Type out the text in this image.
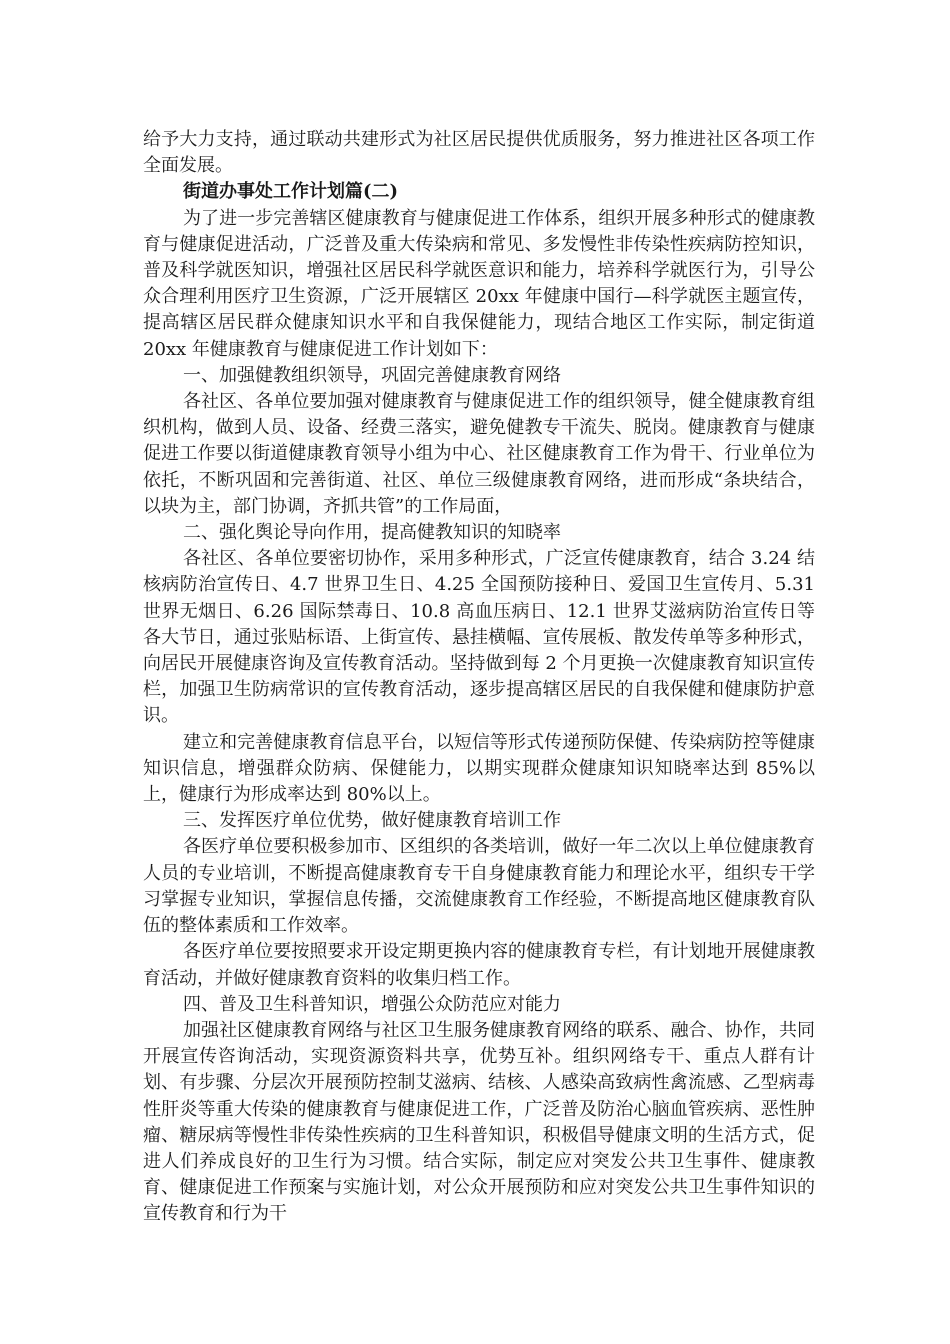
给予大力支持，通过联动共建形式为社区居民提供优质服务，努力推进社区各项工作全面发展。

街道办事处工作计划篇(二)

为了进一步完善辖区健康教育与健康促进工作体系，组织开展多种形式的健康教育与健康促进活动，广泛普及重大传染病和常见、多发慢性非传染性疾病防控知识，普及科学就医知识，增强社区居民科学就医意识和能力，培养科学就医行为，引导公众合理利用医疗卫生资源，广泛开展辖区 20xx 年健康中国行—科学就医主题宣传，提高辖区居民群众健康知识水平和自我保健能力，现结合地区工作实际，制定街道 20xx 年健康教育与健康促进工作计划如下：

一、加强健教组织领导，巩固完善健康教育网络

各社区、各单位要加强对健康教育与健康促进工作的组织领导，健全健康教育组织机构，做到人员、设备、经费三落实，避免健教专干流失、脱岗。健康教育与健康促进工作要以街道健康教育领导小组为中心、社区健康教育工作为骨干、行业单位为依托，不断巩固和完善街道、社区、单位三级健康教育网络，进而形成“条块结合，以块为主，部门协调，齐抓共管”的工作局面，

二、强化舆论导向作用，提高健教知识的知晓率

各社区、各单位要密切协作，采用多种形式，广泛宣传健康教育，结合 3.24 结核病防治宣传日、4.7 世界卫生日、4.25 全国预防接种日、爱国卫生宣传月、5.31 世界无烟日、6.26 国际禁毒日、10.8 高血压病日、12.1 世界艾滋病防治宣传日等各大节日，通过张贴标语、上街宣传、悬挂横幅、宣传展板、散发传单等多种形式，向居民开展健康咨询及宣传教育活动。坚持做到每 2 个月更换一次健康教育知识宣传栏，加强卫生防病常识的宣传教育活动，逐步提高辖区居民的自我保健和健康防护意识。

建立和完善健康教育信息平台，以短信等形式传递预防保健、传染病防控等健康知识信息，增强群众防病、保健能力，以期实现群众健康知识知晓率达到 85%以上，健康行为形成率达到 80%以上。

三、发挥医疗单位优势，做好健康教育培训工作

各医疗单位要积极参加市、区组织的各类培训，做好一年二次以上单位健康教育人员的专业培训，不断提高健康教育专干自身健康教育能力和理论水平，组织专干学习掌握专业知识，掌握信息传播，交流健康教育工作经验，不断提高地区健康教育队伍的整体素质和工作效率。

各医疗单位要按照要求开设定期更换内容的健康教育专栏，有计划地开展健康教育活动，并做好健康教育资料的收集归档工作。

四、普及卫生科普知识，增强公众防范应对能力

加强社区健康教育网络与社区卫生服务健康教育网络的联系、融合、协作，共同开展宣传咨询活动，实现资源资料共享，优势互补。组织网络专干、重点人群有计划、有步骤、分层次开展预防控制艾滋病、结核、人感染高致病性禽流感、乙型病毒性肝炎等重大传染的健康教育与健康促进工作，广泛普及防治心脑血管疾病、恶性肿瘤、糖尿病等慢性非传染性疾病的卫生科普知识，积极倡导健康文明的生活方式，促进人们养成良好的卫生行为习惯。结合实际，制定应对突发公共卫生事件、健康教育、健康促进工作预案与实施计划，对公众开展预防和应对突发公共卫生事件知识的宣传教育和行为干
